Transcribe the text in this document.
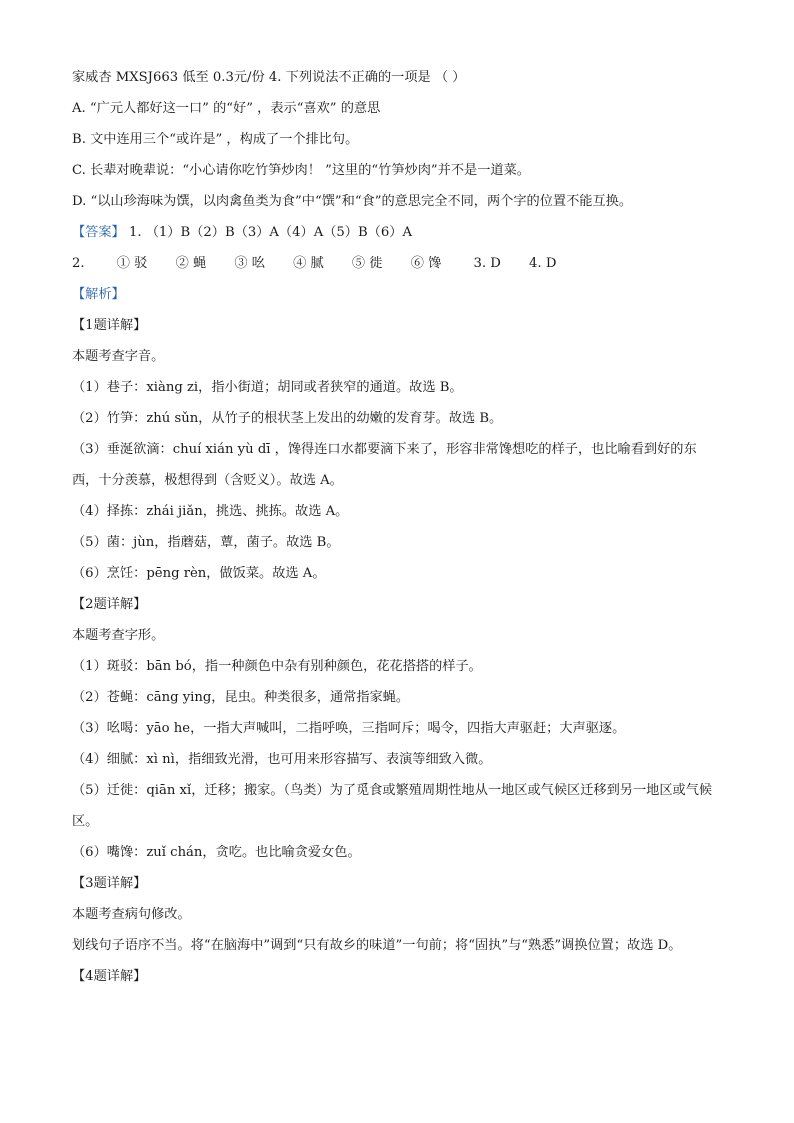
家威杏 MXSJ663 低至 0.3元/份 4. 下列说法不正确的一项是 （ ）
A. “广元人都好这一口” 的“好” ，表示“喜欢” 的意思
B. 文中连用三个“或许是” ，构成了一个排比句。
C. 长辈对晚辈说：“小心请你吃竹笋炒肉！ ”这里的“竹笋炒肉”并不是一道菜。
D. “以山珍海味为馔，以肉禽鱼类为食”中“馔”和“食”的意思完全不同，两个字的位置不能互换。
【答案】 1. （1）B（2）B（3）A（4）A（5）B（6）A
2. ① 驳 ② 蝇 ③ 吆 ④ 腻 ⑤ 徙 ⑥ 馋 3. D 4. D
【解析】
【1题详解】
本题考查字音。
（1）巷子：xiàng zi，指小街道；胡同或者狭窄的通道。故选 B。
（2）竹笋：zhú sǔn，从竹子的根状茎上发出的幼嫩的发育芽。故选 B。
（3）垂涎欲滴：chuí xián yù dī ，馋得连口水都要滴下来了，形容非常馋想吃的样子，也比喻看到好的东西，十分羡慕，极想得到（含贬义）。故选 A。
（4）择拣：zhái jiǎn，挑选、挑拣。故选 A。
（5）菌：jùn，指蘑菇，蕈，菌子。故选 B。
（6）烹饪：pēng rèn，做饭菜。故选 A。
【2题详解】
本题考查字形。
（1）斑驳：bān bó，指一种颜色中杂有别种颜色，花花搭搭的样子。
（2）苍蝇：cāng ying，昆虫。种类很多，通常指家蝇。
（3）吆喝：yāo he，一指大声喊叫，二指呼唤，三指呵斥；喝令，四指大声驱赶；大声驱逐。
（4）细腻：xì nì，指细致光滑，也可用来形容描写、表演等细致入微。
（5）迁徙：qiān xǐ，迁移；搬家。（鸟类）为了觅食或繁殖周期性地从一地区或气候区迁移到另一地区或气候区。
（6）嘴馋：zuǐ chán，贪吃。也比喻贪爱女色。
【3题详解】
本题考查病句修改。
划线句子语序不当。将“在脑海中”调到“只有故乡的味道”一句前；将“固执”与“熟悉”调换位置；故选 D。
【4题详解】
